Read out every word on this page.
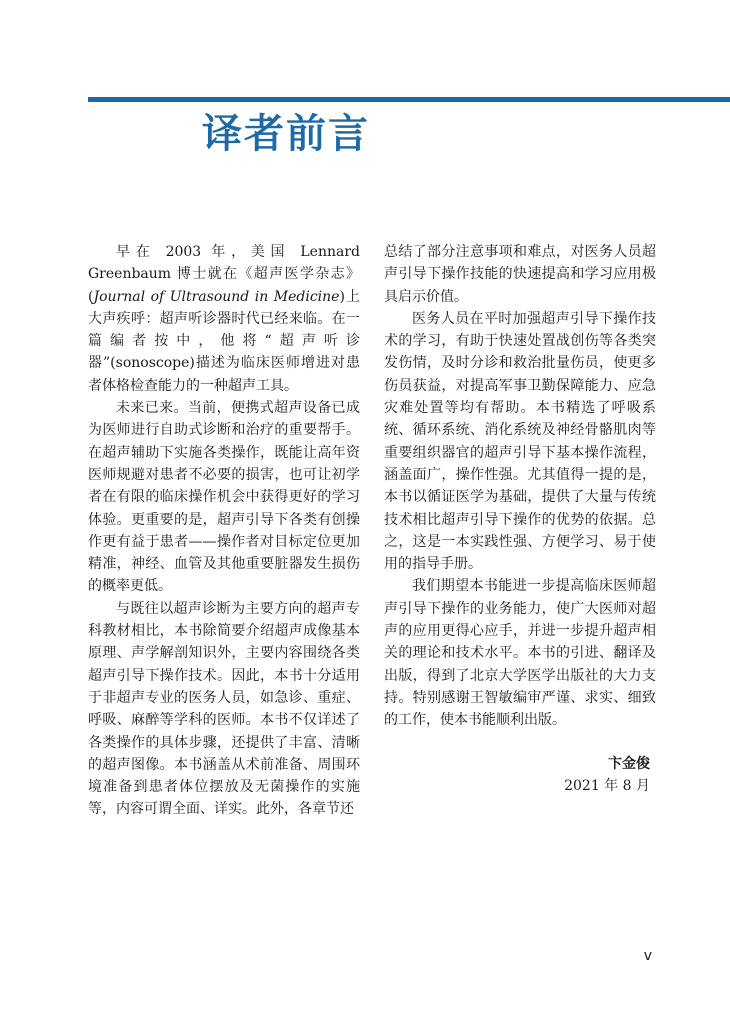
译者前言

早在 2003 年，美国 Lennard Greenbaum 博士就在《超声医学杂志》(Journal of Ultrasound in Medicine)上大声疾呼：超声听诊器时代已经来临。在一篇编者按中，他将“超声听诊器”(sonoscope)描述为临床医师增进对患者体格检查能力的一种超声工具。

未来已来。当前，便携式超声设备已成为医师进行自助式诊断和治疗的重要帮手。在超声辅助下实施各类操作，既能让高年资医师规避对患者不必要的损害，也可让初学者在有限的临床操作机会中获得更好的学习体验。更重要的是，超声引导下各类有创操作更有益于患者——操作者对目标定位更加精准，神经、血管及其他重要脏器发生损伤的概率更低。

与既往以超声诊断为主要方向的超声专科教材相比，本书除简要介绍超声成像基本原理、声学解剖知识外，主要内容围绕各类超声引导下操作技术。因此，本书十分适用于非超声专业的医务人员，如急诊、重症、呼吸、麻醉等学科的医师。本书不仅详述了各类操作的具体步骤，还提供了丰富、清晰的超声图像。本书涵盖从术前准备、周围环境准备到患者体位摆放及无菌操作的实施等，内容可谓全面、详实。此外，各章节还

总结了部分注意事项和难点，对医务人员超声引导下操作技能的快速提高和学习应用极具启示价值。

医务人员在平时加强超声引导下操作技术的学习，有助于快速处置战创伤等各类突发伤情，及时分诊和救治批量伤员，使更多伤员获益，对提高军事卫勤保障能力、应急灾难处置等均有帮助。本书精选了呼吸系统、循环系统、消化系统及神经骨骼肌肉等重要组织器官的超声引导下基本操作流程，涵盖面广，操作性强。尤其值得一提的是，本书以循证医学为基础，提供了大量与传统技术相比超声引导下操作的优势的依据。总之，这是一本实践性强、方便学习、易于使用的指导手册。

我们期望本书能进一步提高临床医师超声引导下操作的业务能力，使广大医师对超声的应用更得心应手，并进一步提升超声相关的理论和技术水平。本书的引进、翻译及出版，得到了北京大学医学出版社的大力支持。特别感谢王智敏编审严谨、求实、细致的工作，使本书能顺利出版。

卞金俊
2021 年 8 月
v
